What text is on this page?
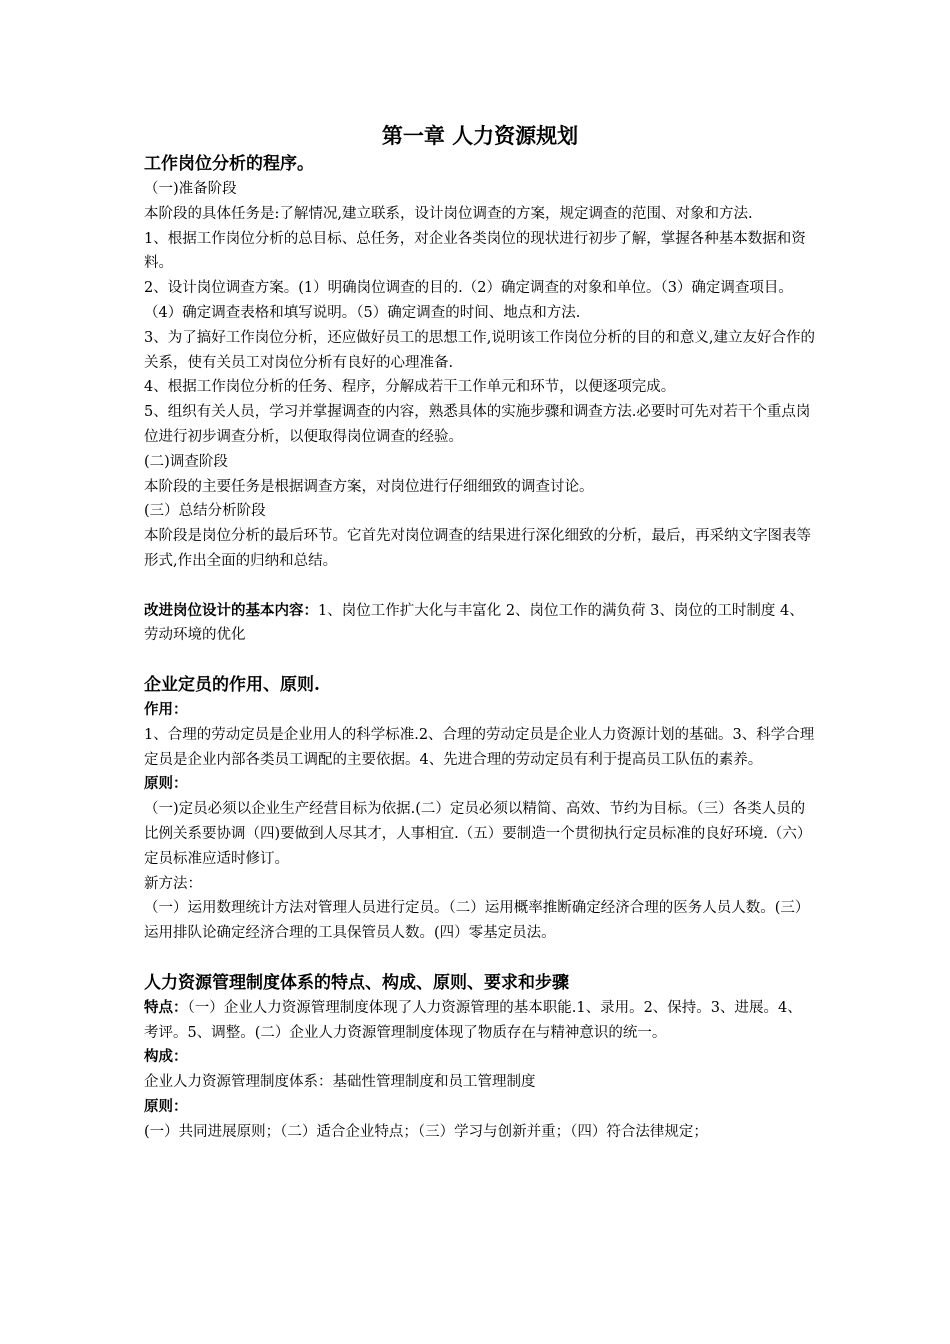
第一章 人力资源规划

工作岗位分析的程序。

（一)准备阶段

本阶段的具体任务是:了解情况,建立联系，设计岗位调查的方案，规定调查的范围、对象和方法.

1、根据工作岗位分析的总目标、总任务，对企业各类岗位的现状进行初步了解，掌握各种基本数据和资料。

2、设计岗位调查方案。(1）明确岗位调查的目的.（2）确定调查的对象和单位。（3）确定调查项目。（4）确定调查表格和填写说明。（5）确定调查的时间、地点和方法.

3、为了搞好工作岗位分析，还应做好员工的思想工作,说明该工作岗位分析的目的和意义,建立友好合作的关系，使有关员工对岗位分析有良好的心理准备.

4、根据工作岗位分析的任务、程序，分解成若干工作单元和环节，以便逐项完成。

5、组织有关人员，学习并掌握调查的内容，熟悉具体的实施步骤和调查方法.必要时可先对若干个重点岗位进行初步调查分析，以便取得岗位调查的经验。

(二)调查阶段

本阶段的主要任务是根据调查方案，对岗位进行仔细细致的调查讨论。

(三）总结分析阶段

本阶段是岗位分析的最后环节。它首先对岗位调查的结果进行深化细致的分析，最后，再采纳文字图表等形式,作出全面的归纳和总结。

改进岗位设计的基本内容：1、岗位工作扩大化与丰富化 2、岗位工作的满负荷 3、岗位的工时制度 4、劳动环境的优化

企业定员的作用、原则.

作用：

1、合理的劳动定员是企业用人的科学标准.2、合理的劳动定员是企业人力资源计划的基础。3、科学合理定员是企业内部各类员工调配的主要依据。4、先进合理的劳动定员有利于提高员工队伍的素养。

原则：

（一)定员必须以企业生产经营目标为依据.(二）定员必须以精简、高效、节约为目标。（三）各类人员的比例关系要协调（四)要做到人尽其才，人事相宜.（五）要制造一个贯彻执行定员标准的良好环境.（六）定员标准应适时修订。

新方法：

（一）运用数理统计方法对管理人员进行定员。（二）运用概率推断确定经济合理的医务人员人数。(三）运用排队论确定经济合理的工具保管员人数。(四）零基定员法。

人力资源管理制度体系的特点、构成、原则、要求和步骤

特点：（一）企业人力资源管理制度体现了人力资源管理的基本职能.1、录用。2、保持。3、进展。4、考评。5、调整。(二）企业人力资源管理制度体现了物质存在与精神意识的统一。

构成：

企业人力资源管理制度体系：基础性管理制度和员工管理制度

原则：

(一）共同进展原则；（二）适合企业特点；（三）学习与创新并重；（四）符合法律规定；
